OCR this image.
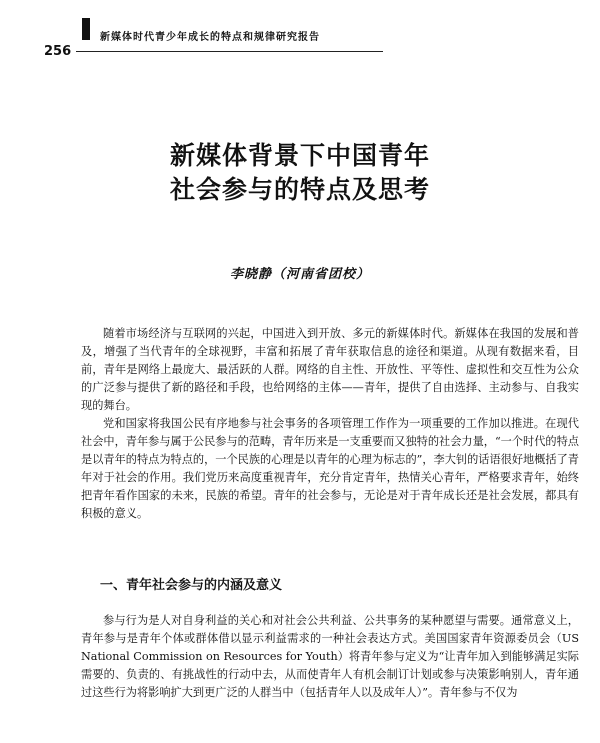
新媒体时代青少年成长的特点和规律研究报告
256
新媒体背景下中国青年
社会参与的特点及思考
李晓静（河南省团校）

随着市场经济与互联网的兴起，中国进入到开放、多元的新媒体时代。新媒体在我国的发展和普及，增强了当代青年的全球视野，丰富和拓展了青年获取信息的途径和渠道。从现有数据来看，目前，青年是网络上最庞大、最活跃的人群。网络的自主性、开放性、平等性、虚拟性和交互性为公众的广泛参与提供了新的路径和手段，也给网络的主体——青年，提供了自由选择、主动参与、自我实现的舞台。

党和国家将我国公民有序地参与社会事务的各项管理工作作为一项重要的工作加以推进。在现代社会中，青年参与属于公民参与的范畴，青年历来是一支重要而又独特的社会力量，“一个时代的特点是以青年的特点为特点的，一个民族的心理是以青年的心理为标志的”，李大钊的话语很好地概括了青年对于社会的作用。我们党历来高度重视青年，充分肯定青年，热情关心青年，严格要求青年，始终把青年看作国家的未来，民族的希望。青年的社会参与，无论是对于青年成长还是社会发展，都具有积极的意义。

一、青年社会参与的内涵及意义

参与行为是人对自身利益的关心和对社会公共利益、公共事务的某种愿望与需要。通常意义上，青年参与是青年个体或群体借以显示利益需求的一种社会表达方式。美国国家青年资源委员会（US National Commission on Resources for Youth）将青年参与定义为“让青年加入到能够满足实际需要的、负责的、有挑战性的行动中去，从而使青年人有机会制订计划或参与决策影响别人，青年通过这些行为将影响扩大到更广泛的人群当中（包括青年人以及成年人）”。青年参与不仅为
